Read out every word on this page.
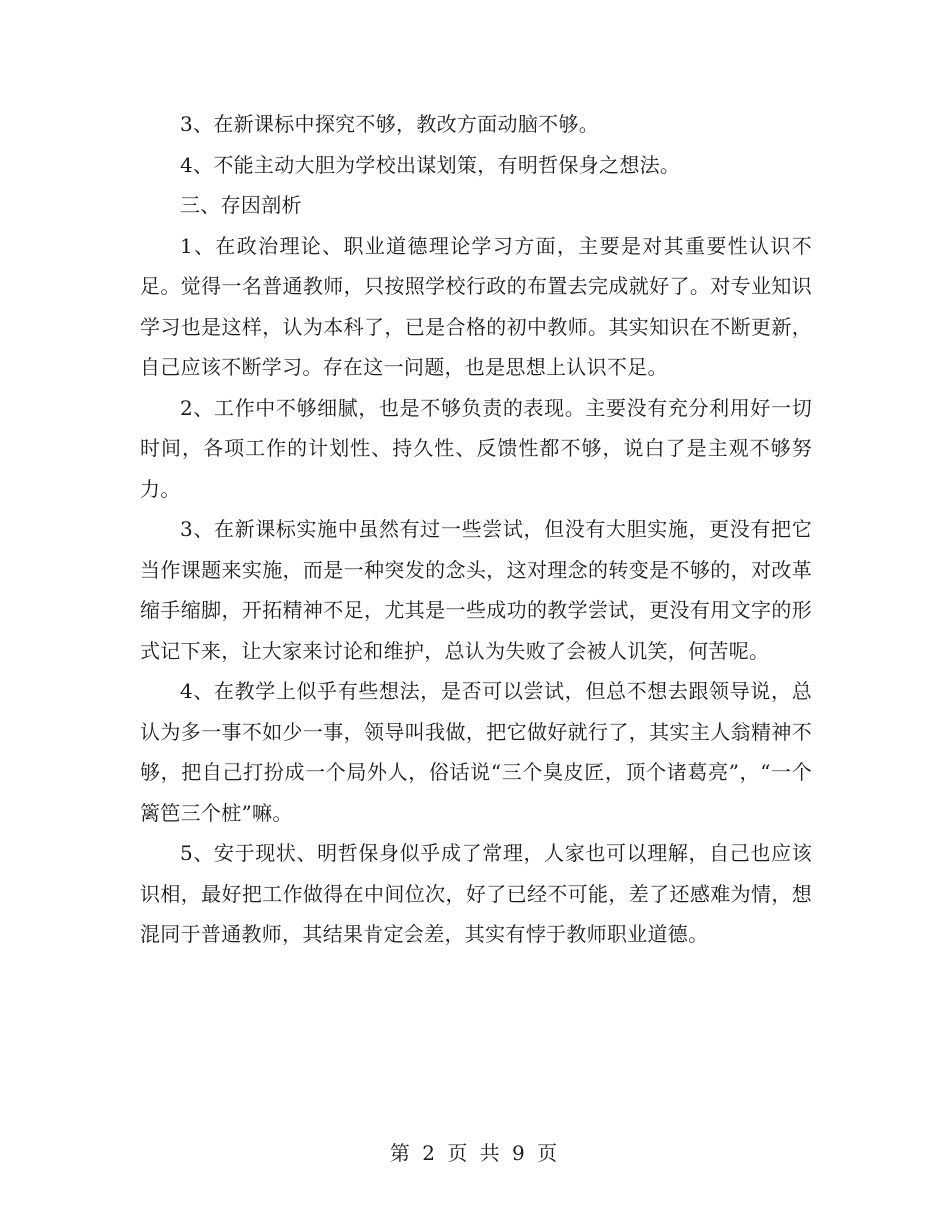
3、在新课标中探究不够，教改方面动脑不够。

4、不能主动大胆为学校出谋划策，有明哲保身之想法。

三、存因剖析

1、在政治理论、职业道德理论学习方面，主要是对其重要性认识不足。觉得一名普通教师，只按照学校行政的布置去完成就好了。对专业知识学习也是这样，认为本科了，已是合格的初中教师。其实知识在不断更新，自己应该不断学习。存在这一问题，也是思想上认识不足。

2、工作中不够细腻，也是不够负责的表现。主要没有充分利用好一切时间，各项工作的计划性、持久性、反馈性都不够，说白了是主观不够努力。

3、在新课标实施中虽然有过一些尝试，但没有大胆实施，更没有把它当作课题来实施，而是一种突发的念头，这对理念的转变是不够的，对改革缩手缩脚，开拓精神不足，尤其是一些成功的教学尝试，更没有用文字的形式记下来，让大家来讨论和维护，总认为失败了会被人讥笑，何苦呢。

4、在教学上似乎有些想法，是否可以尝试，但总不想去跟领导说，总认为多一事不如少一事，领导叫我做，把它做好就行了，其实主人翁精神不够，把自己打扮成一个局外人，俗话说“三个臭皮匠，顶个诸葛亮”，“一个篱笆三个桩”嘛。

5、安于现状、明哲保身似乎成了常理，人家也可以理解，自己也应该识相，最好把工作做得在中间位次，好了已经不可能，差了还感难为情，想混同于普通教师，其结果肯定会差，其实有悖于教师职业道德。

第 2 页 共 9 页
